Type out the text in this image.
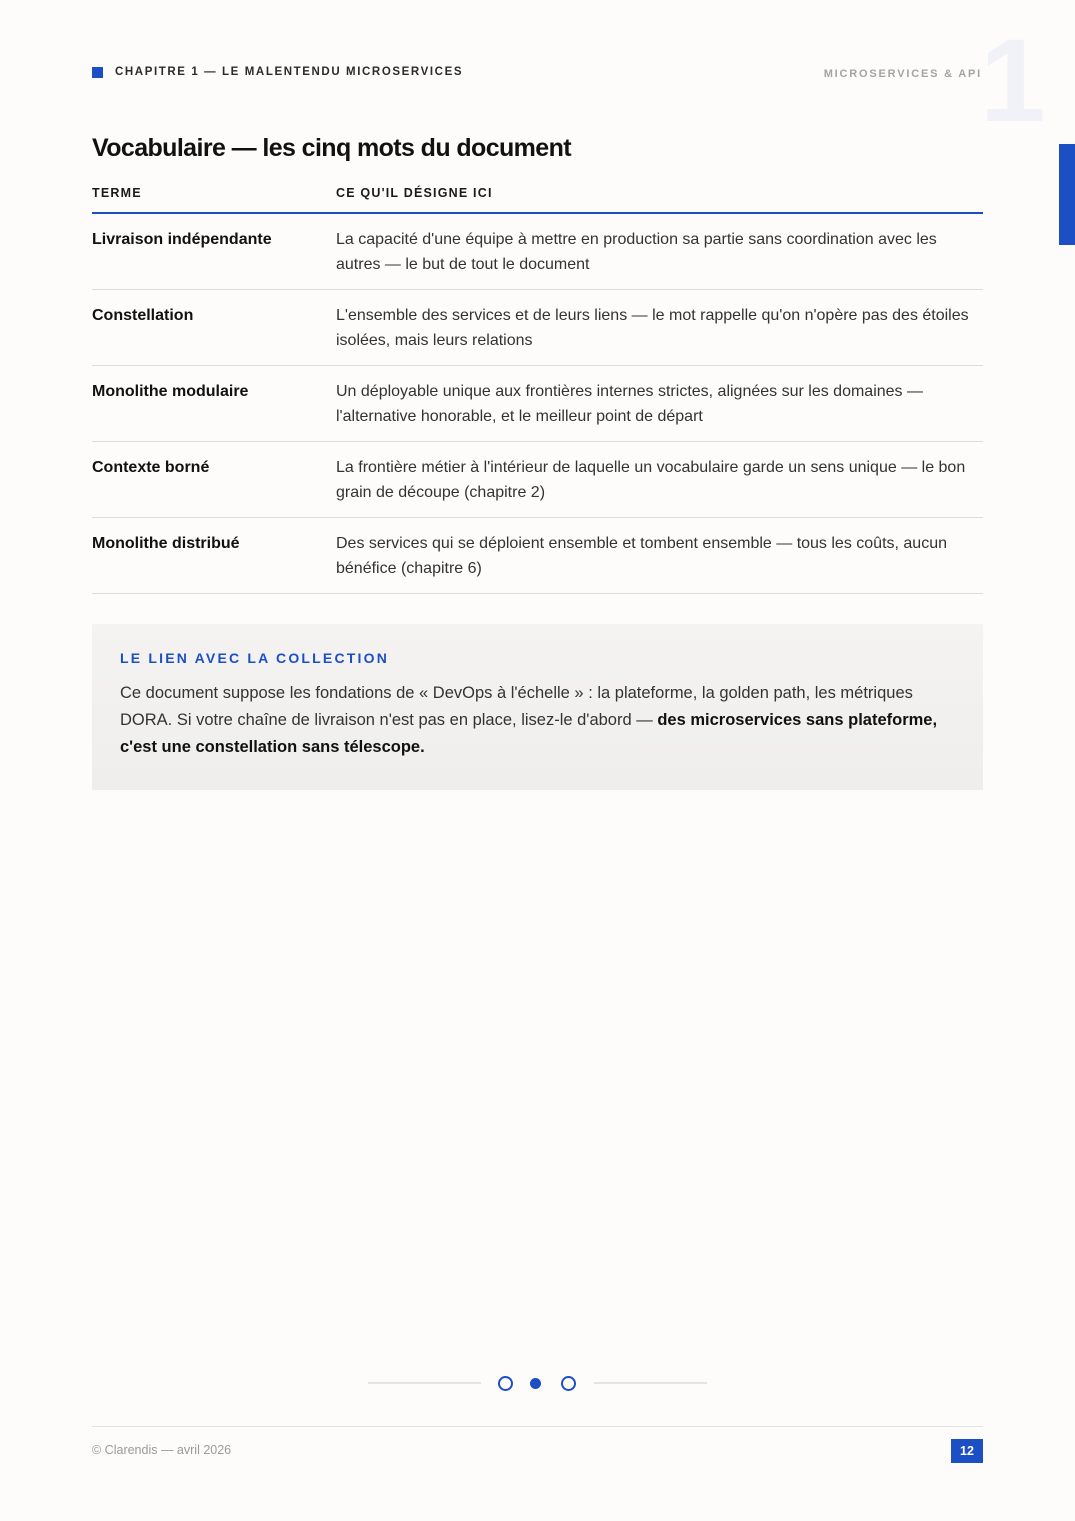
CHAPITRE 1 — LE MALENTENDU MICROSERVICES	1
MICROSERVICES & API
Vocabulaire — les cinq mots du document
TERME	CE QU'IL DÉSIGNE ICI
Livraison indépendante	La capacité d'une équipe à mettre en production sa partie sans coordination avec les autres — le but de tout le document
Constellation	L'ensemble des services et de leurs liens — le mot rappelle qu'on n'opère pas des étoiles isolées, mais leurs relations
Monolithe modulaire	Un déployable unique aux frontières internes strictes, alignées sur les domaines — l'alternative honorable, et le meilleur point de départ
Contexte borné	La frontière métier à l'intérieur de laquelle un vocabulaire garde un sens unique — le bon grain de découpe (chapitre 2)
Monolithe distribué	Des services qui se déploient ensemble et tombent ensemble — tous les coûts, aucun bénéfice (chapitre 6)
LE LIEN AVEC LA COLLECTION

Ce document suppose les fondations de « DevOps à l'échelle » : la plateforme, la golden path, les métriques DORA. Si votre chaîne de livraison n'est pas en place, lisez-le d'abord — des microservices sans plateforme, c'est une constellation sans télescope.

© Clarendis — avril 2026	12
